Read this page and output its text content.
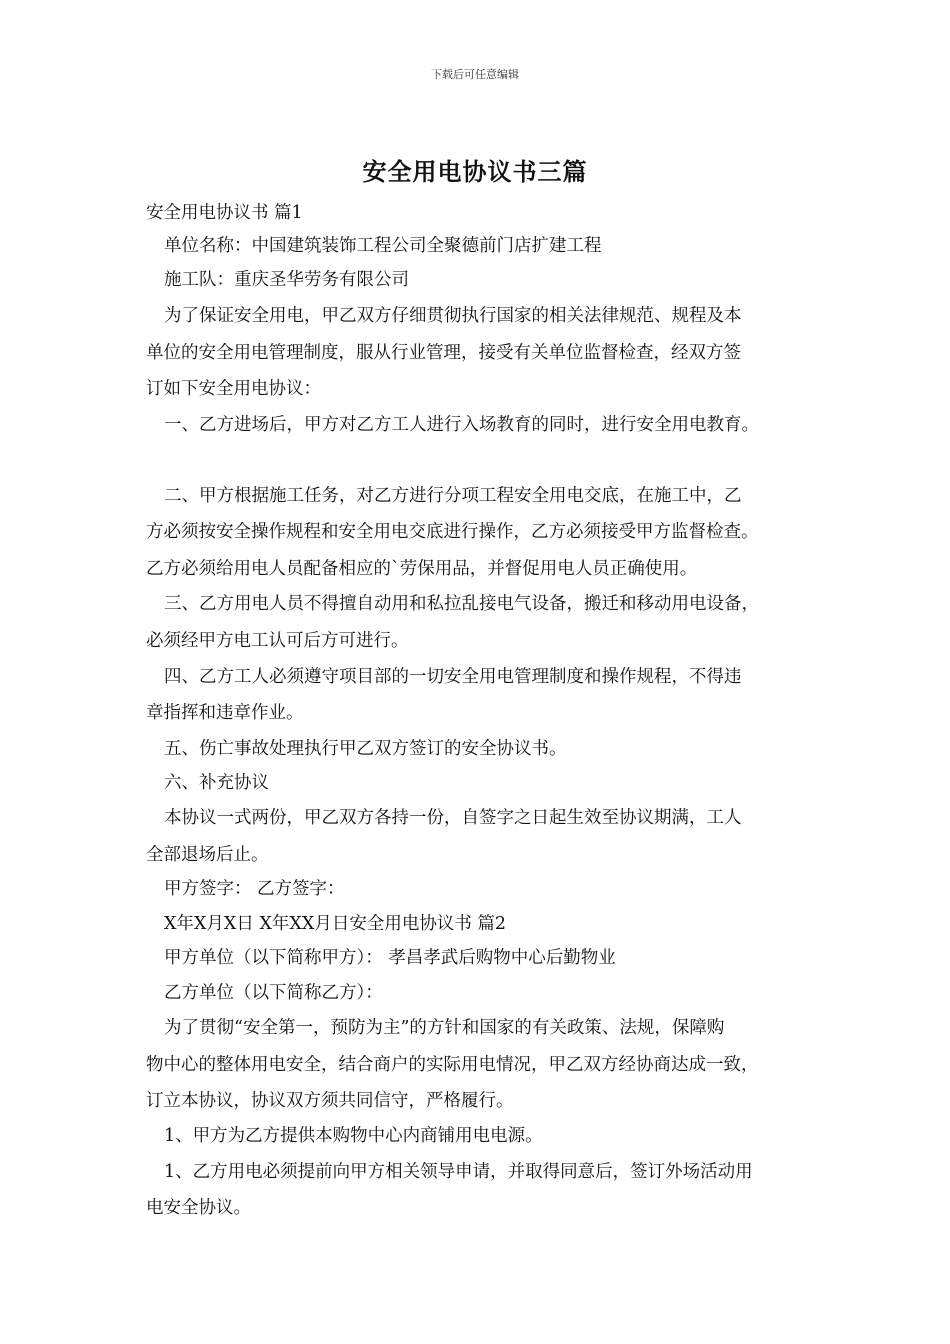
下载后可任意编辑
安全用电协议书三篇
安全用电协议书 篇1
单位名称：中国建筑装饰工程公司全聚德前门店扩建工程
施工队：重庆圣华劳务有限公司
为了保证安全用电，甲乙双方仔细贯彻执行国家的相关法律规范、规程及本
单位的安全用电管理制度，服从行业管理，接受有关单位监督检查，经双方签
订如下安全用电协议：
一、乙方进场后，甲方对乙方工人进行入场教育的同时，进行安全用电教育。
二、甲方根据施工任务，对乙方进行分项工程安全用电交底，在施工中，乙
方必须按安全操作规程和安全用电交底进行操作，乙方必须接受甲方监督检查。
乙方必须给用电人员配备相应的`劳保用品，并督促用电人员正确使用。
三、乙方用电人员不得擅自动用和私拉乱接电气设备，搬迁和移动用电设备，
必须经甲方电工认可后方可进行。
四、乙方工人必须遵守项目部的一切安全用电管理制度和操作规程，不得违
章指挥和违章作业。
五、伤亡事故处理执行甲乙双方签订的安全协议书。
六、补充协议
本协议一式两份，甲乙双方各持一份，自签字之日起生效至协议期满，工人
全部退场后止。
甲方签字： 乙方签字：
X年X月X日 X年XX月日安全用电协议书 篇2
甲方单位（以下简称甲方）： 孝昌孝武后购物中心后勤物业
乙方单位（以下简称乙方）：
为了贯彻“安全第一，预防为主”的方针和国家的有关政策、法规，保障购
物中心的整体用电安全，结合商户的实际用电情况，甲乙双方经协商达成一致，
订立本协议，协议双方须共同信守，严格履行。
1、甲方为乙方提供本购物中心内商铺用电电源。
1、乙方用电必须提前向甲方相关领导申请，并取得同意后，签订外场活动用
电安全协议。
